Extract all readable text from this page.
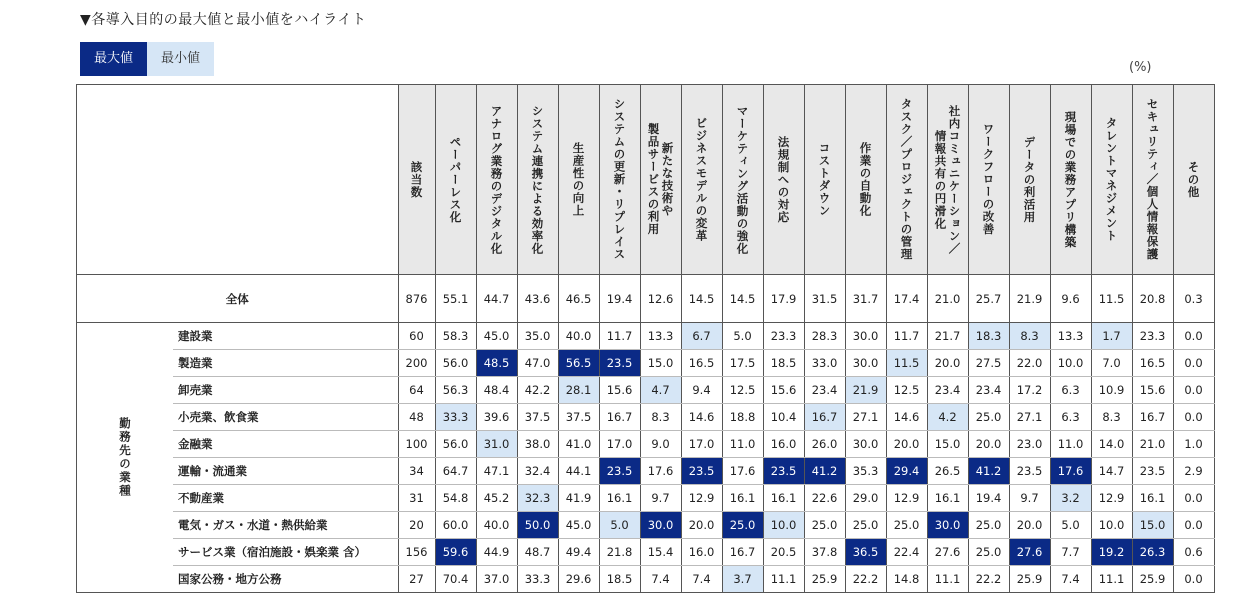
▼各導入目的の最大値と最小値をハイライト
最大値	最小値
(%)

		該当数	ペーパーレス化	アナログ業務のデジタル化	システム連携による効率化	生産性の向上	システムの更新・リプレイス	新たな技術や
製品サービスの利用	ビジネスモデルの変革	マーケティング活動の強化	法規制への対応	コストダウン	作業の自動化	タスク／プロジェクトの管理	社内コミュニケーション／
情報共有の円滑化	ワークフローの改善	データの利活用	現場での業務アプリ構築	タレントマネジメント	セキュリティ／個人情報保護	その他

全体		876	55.1	44.7	43.6	46.5	19.4	12.6	14.5	14.5	17.9	31.5	31.7	17.4	21.0	25.7	21.9	9.6	11.5	20.8	0.3
勤務先の業種	建設業	60	58.3	45.0	35.0	40.0	11.7	13.3	6.7	5.0	23.3	28.3	30.0	11.7	21.7	18.3	8.3	13.3	1.7	23.3	0.0
	製造業	200	56.0	48.5	47.0	56.5	23.5	15.0	16.5	17.5	18.5	33.0	30.0	11.5	20.0	27.5	22.0	10.0	7.0	16.5	0.0
	卸売業	64	56.3	48.4	42.2	28.1	15.6	4.7	9.4	12.5	15.6	23.4	21.9	12.5	23.4	23.4	17.2	6.3	10.9	15.6	0.0
	小売業、飲食業	48	33.3	39.6	37.5	37.5	16.7	8.3	14.6	18.8	10.4	16.7	27.1	14.6	4.2	25.0	27.1	6.3	8.3	16.7	0.0
	金融業	100	56.0	31.0	38.0	41.0	17.0	9.0	17.0	11.0	16.0	26.0	30.0	20.0	15.0	20.0	23.0	11.0	14.0	21.0	1.0
	運輸・流通業	34	64.7	47.1	32.4	44.1	23.5	17.6	23.5	17.6	23.5	41.2	35.3	29.4	26.5	41.2	23.5	17.6	14.7	23.5	2.9
	不動産業	31	54.8	45.2	32.3	41.9	16.1	9.7	12.9	16.1	16.1	22.6	29.0	12.9	16.1	19.4	9.7	3.2	12.9	16.1	0.0
	電気・ガス・水道・熱供給業	20	60.0	40.0	50.0	45.0	5.0	30.0	20.0	25.0	10.0	25.0	25.0	25.0	30.0	25.0	20.0	5.0	10.0	15.0	0.0
	サービス業（宿泊施設・娯楽業 含）	156	59.6	44.9	48.7	49.4	21.8	15.4	16.0	16.7	20.5	37.8	36.5	22.4	27.6	25.0	27.6	7.7	19.2	26.3	0.6
	国家公務・地方公務	27	70.4	37.0	33.3	29.6	18.5	7.4	7.4	3.7	11.1	25.9	22.2	14.8	11.1	22.2	25.9	7.4	11.1	25.9	0.0
